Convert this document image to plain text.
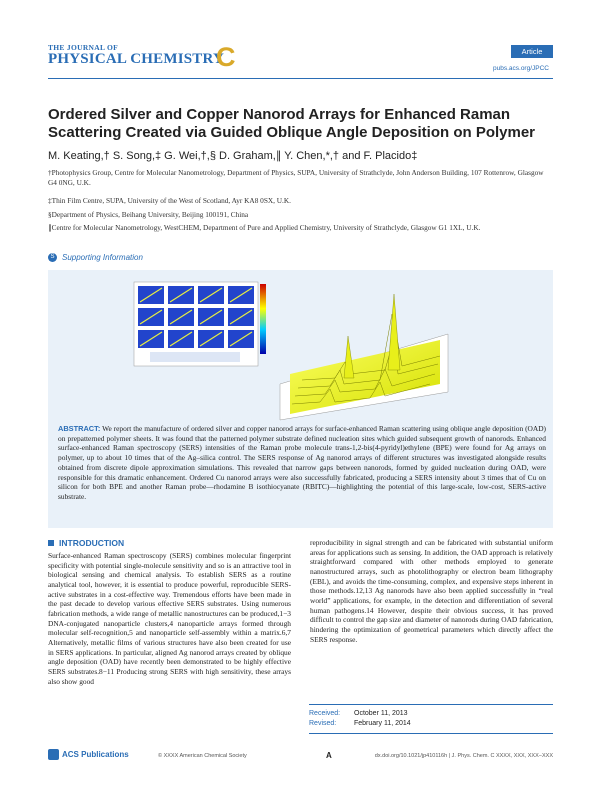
THE JOURNAL OF
PHYSICAL CHEMISTRY
C	Article
pubs.acs.org/JPCC
Ordered Silver and Copper Nanorod Arrays for Enhanced Raman Scattering Created via Guided Oblique Angle Deposition on Polymer
M. Keating,† S. Song,‡ G. Wei,†,§ D. Graham,∥ Y. Chen,*,† and F. Placido‡
†Photophysics Group, Centre for Molecular Nanometrology, Department of Physics, SUPA, University of Strathclyde, John Anderson Building, 107 Rottenrow, Glasgow G4 0NG, U.K.
‡Thin Film Centre, SUPA, University of the West of Scotland, Ayr KA8 0SX, U.K.
§Department of Physics, Beihang University, Beijing 100191, China
∥Centre for Molecular Nanometrology, WestCHEM, Department of Pure and Applied Chemistry, University of Strathclyde, Glasgow G1 1XL, U.K.
S Supporting Information
ABSTRACT: We report the manufacture of ordered silver and copper nanorod arrays for surface-enhanced Raman scattering using oblique angle deposition (OAD) on prepatterned polymer sheets. It was found that the patterned polymer substrate defined nucleation sites which guided subsequent growth of nanorods. Enhanced surface-enhanced Raman spectroscopy (SERS) intensities of the Raman probe molecule trans-1,2-bis(4-pyridyl)ethylene (BPE) were found for Ag arrays on polymer, up to about 10 times that of the Ag–silica control. The SERS response of Ag nanorod arrays of different structures was investigated alongside results obtained from discrete dipole approximation simulations. This revealed that narrow gaps between nanorods, formed by guided nucleation during OAD, were responsible for this dramatic enhancement. Ordered Cu nanorod arrays were also successfully fabricated, producing a SERS intensity about 3 times that of Cu on silicon for both BPE and another Raman probe—rhodamine B isothiocyanate (RBITC)—highlighting the potential of this large-scale, low-cost, SERS-active substrate.
INTRODUCTION
Surface-enhanced Raman spectroscopy (SERS) combines molecular fingerprint specificity with potential single-molecule sensitivity and so is an attractive tool in biological sensing and chemical analysis. To establish SERS as a routine analytical tool, however, it is essential to produce powerful, reproducible SERS-active substrates in a cost-effective way. Tremendous efforts have been made in the past decade to develop various effective SERS substrates. Using numerous fabrication methods, a wide range of metallic nanostructures can be produced,1−3 DNA-conjugated nanoparticle clusters,4 nanoparticle arrays formed through molecular self-recognition,5 and nanoparticle self-assembly within a matrix.6,7 Alternatively, metallic films of various structures have also been created for use in SERS applications. In particular, aligned Ag nanorod arrays created by oblique angle deposition (OAD) have recently been demonstrated to be highly effective SERS substrates.8−11 Producing strong SERS with high sensitivity, these arrays also show good
reproducibility in signal strength and can be fabricated with substantial uniform areas for applications such as sensing. In addition, the OAD approach is relatively straightforward compared with other methods employed to generate nanostructured arrays, such as photolithography or electron beam lithography (EBL), and avoids the time-consuming, complex, and expensive steps inherent in those methods.12,13 Ag nanorods have also been applied successfully in “real world” applications, for example, in the detection and differentiation of several human pathogens.14 However, despite their obvious success, it has proved difficult to control the gap size and diameter of nanorods during OAD fabrication, hindering the optimization of geometrical parameters which directly affect the SERS response.
Received: October 11, 2013
Revised:	February 11, 2014
ACS Publications	© XXXX American Chemical Society	A	dx.doi.org/10.1021/jp410116h | J. Phys. Chem. C XXXX, XXX, XXX−XXX
